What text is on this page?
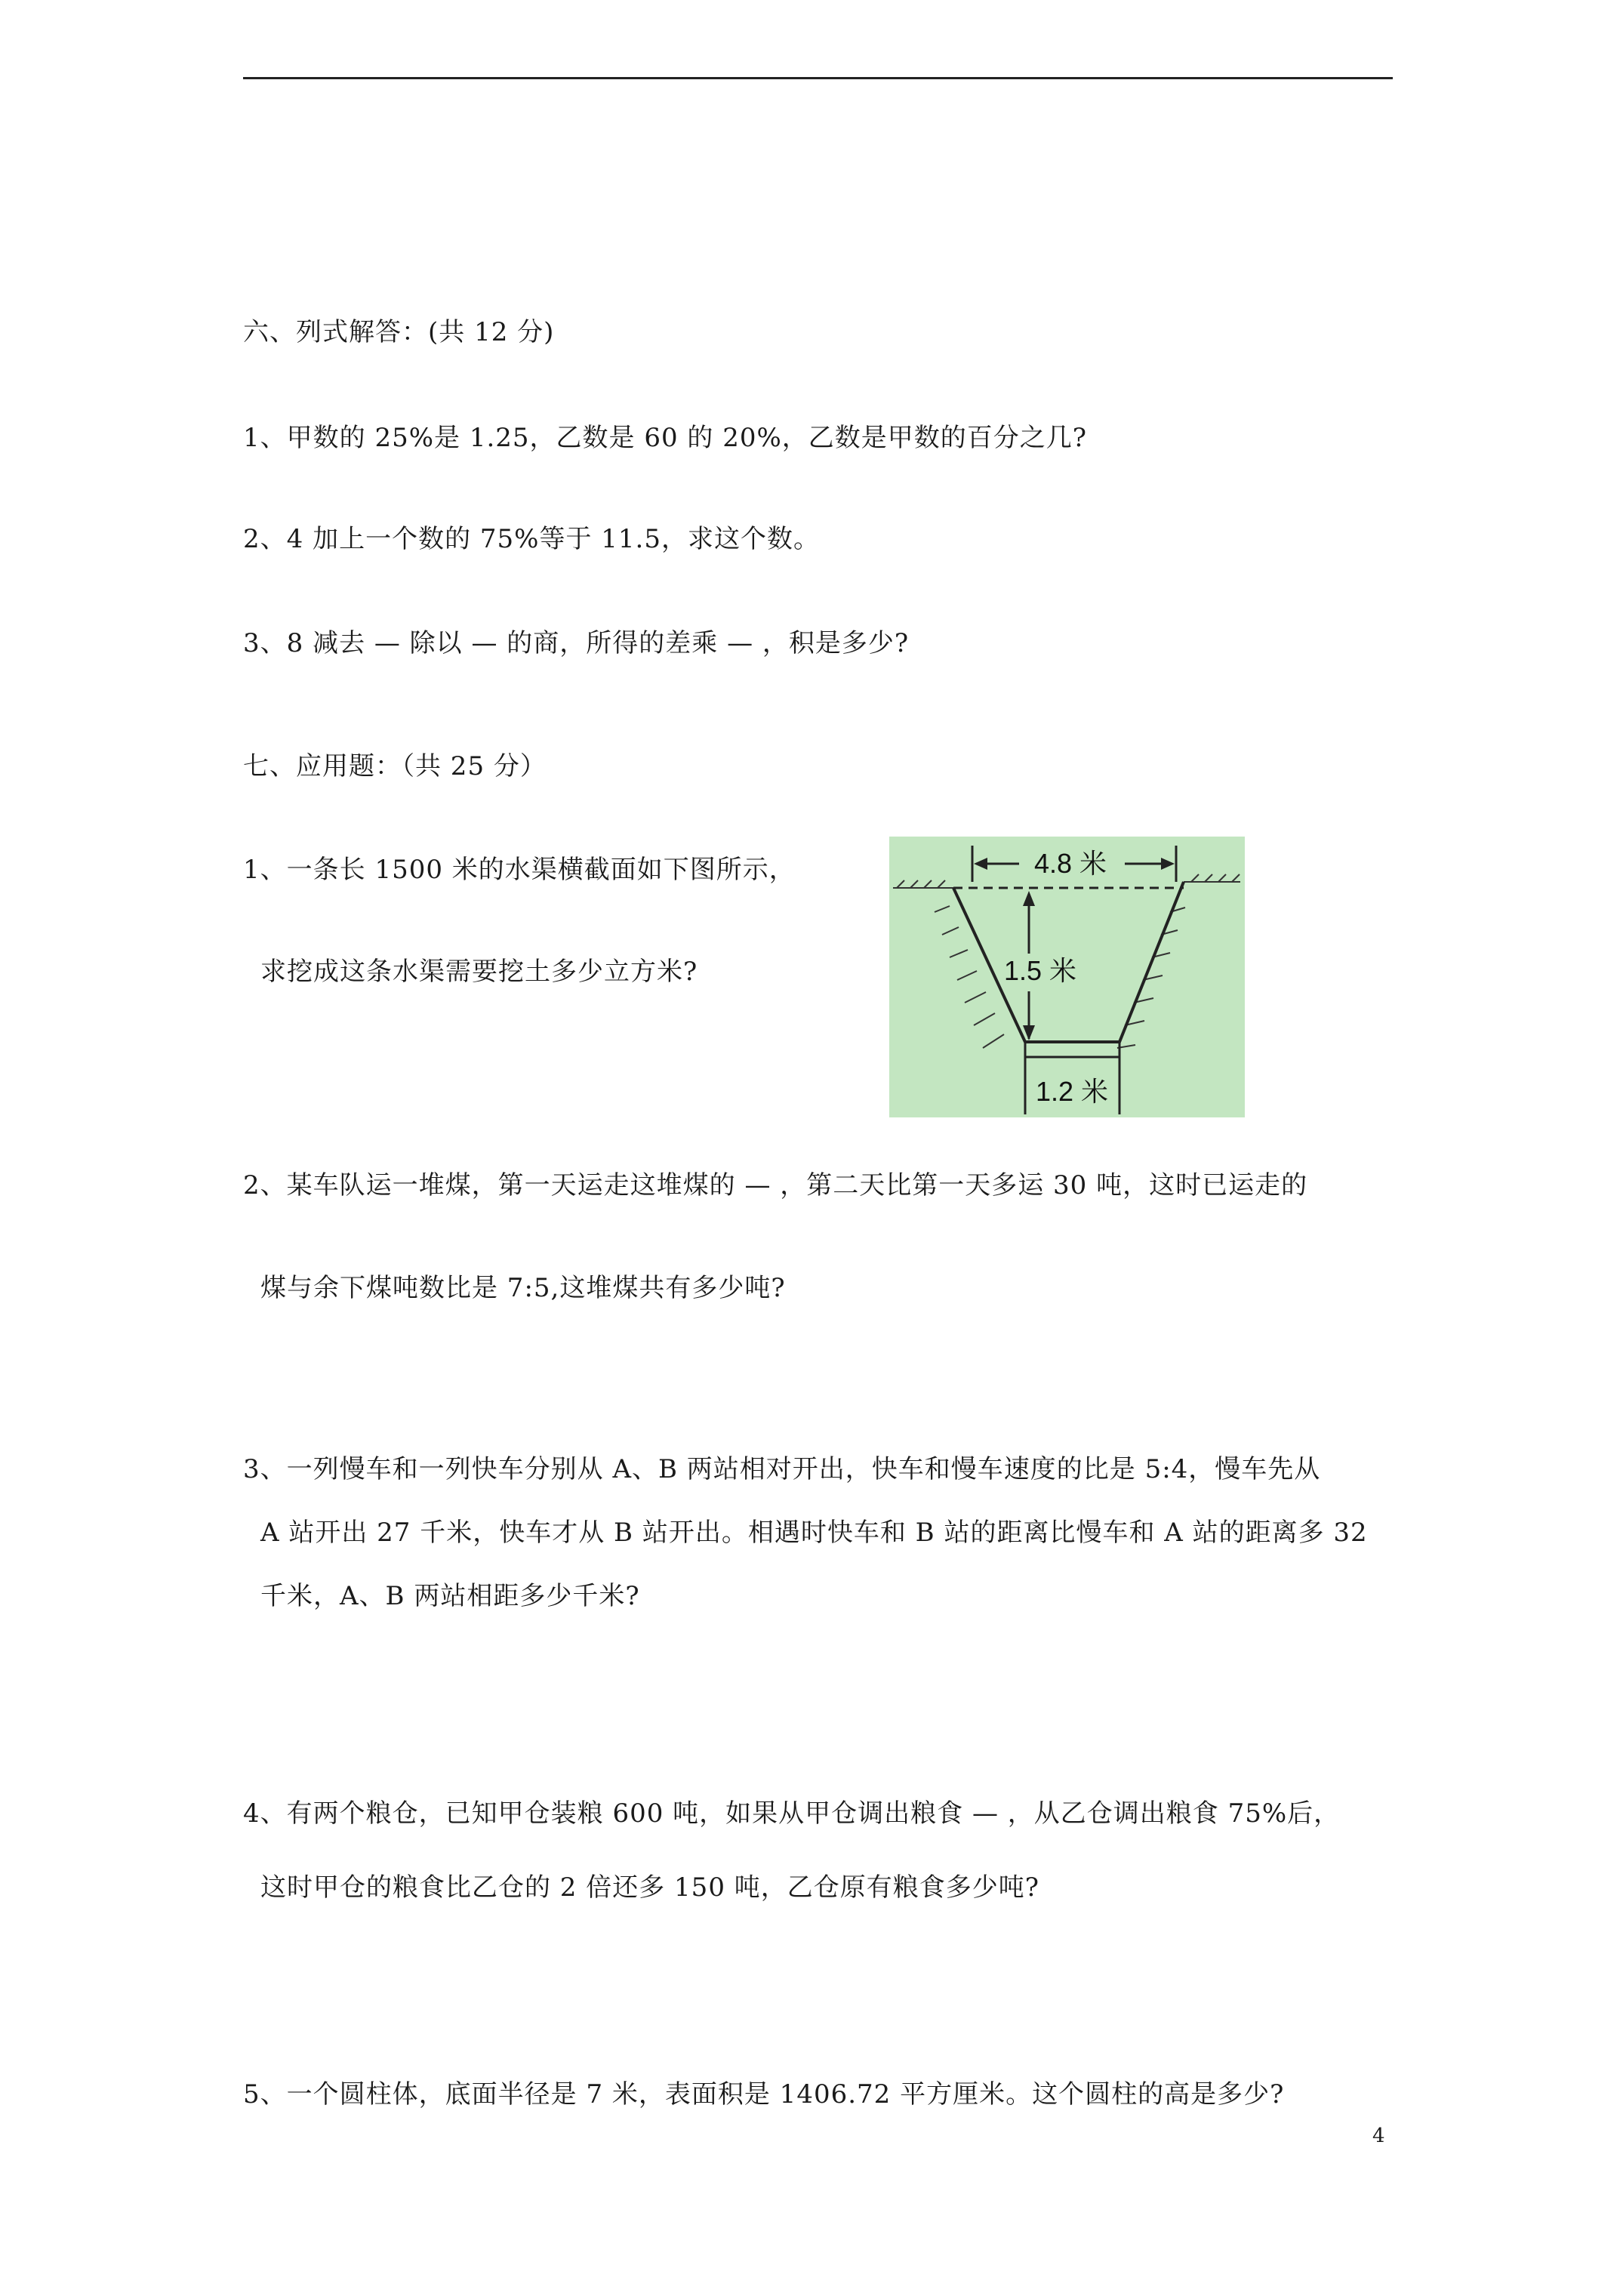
六、列式解答：(共 12 分)
1、甲数的 25%是 1.25，乙数是 60 的 20%，乙数是甲数的百分之几?
2、4 加上一个数的 75%等于 11.5，求这个数。
3、8 减去 — 除以 — 的商，所得的差乘 — ，积是多少?
七、应用题：（共 25 分）
1、一条长 1500 米的水渠横截面如下图所示，
求挖成这条水渠需要挖土多少立方米?
4.8 米
1.5 米
1.2 米
2、某车队运一堆煤，第一天运走这堆煤的 — ，第二天比第一天多运 30 吨，这时已运走的
煤与余下煤吨数比是 7:5,这堆煤共有多少吨?
3、一列慢车和一列快车分别从 A、B 两站相对开出，快车和慢车速度的比是 5:4，慢车先从
A 站开出 27 千米，快车才从 B 站开出。相遇时快车和 B 站的距离比慢车和 A 站的距离多 32
千米，A、B 两站相距多少千米?
4、有两个粮仓，已知甲仓装粮 600 吨，如果从甲仓调出粮食 — ，从乙仓调出粮食 75%后，
这时甲仓的粮食比乙仓的 2 倍还多 150 吨，乙仓原有粮食多少吨?
5、一个圆柱体，底面半径是 7 米，表面积是 1406.72 平方厘米。这个圆柱的高是多少?
4
